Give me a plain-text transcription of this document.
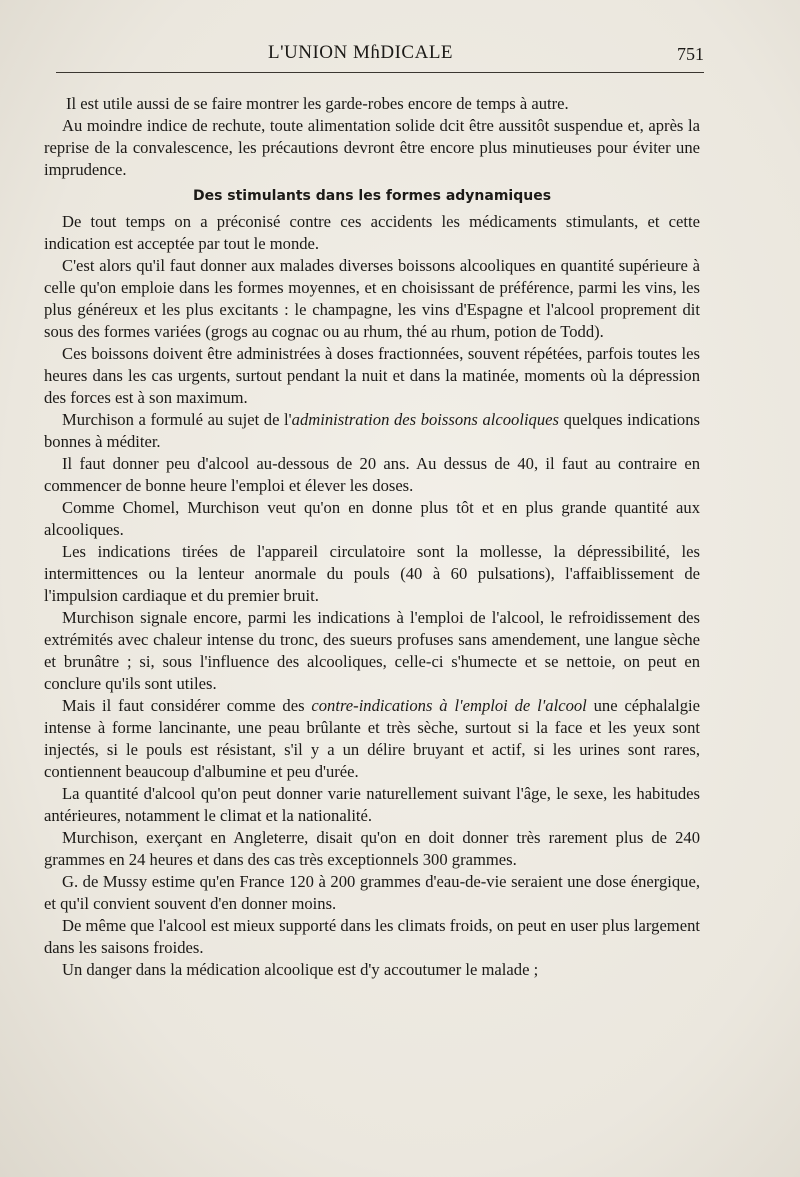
L'UNION MɦDICALE	751

Il est utile aussi de se faire montrer les garde-robes encore de temps à autre.

Au moindre indice de rechute, toute alimentation solide dcit être aussitôt suspendue et, après la reprise de la convalescence, les précautions devront être encore plus minutieuses pour éviter une imprudence.

Des stimulants dans les formes adynamiques

De tout temps on a préconisé contre ces accidents les médicaments stimulants, et cette indication est acceptée par tout le monde.

C'est alors qu'il faut donner aux malades diverses boissons alcooliques en quantité supérieure à celle qu'on emploie dans les formes moyennes, et en choisissant de préférence, parmi les vins, les plus généreux et les plus excitants : le champagne, les vins d'Espagne et l'alcool proprement dit sous des formes variées (grogs au cognac ou au rhum, thé au rhum, potion de Todd).

Ces boissons doivent être administrées à doses fractionnées, souvent répétées, parfois toutes les heures dans les cas urgents, surtout pendant la nuit et dans la matinée, moments où la dépression des forces est à son maximum.

Murchison a formulé au sujet de l'administration des boissons alcooliques quelques indications bonnes à méditer.

Il faut donner peu d'alcool au-dessous de 20 ans. Au dessus de 40, il faut au contraire en commencer de bonne heure l'emploi et élever les doses.

Comme Chomel, Murchison veut qu'on en donne plus tôt et en plus grande quantité aux alcooliques.

Les indications tirées de l'appareil circulatoire sont la mollesse, la dépressibilité, les intermittences ou la lenteur anormale du pouls (40 à 60 pulsations), l'affaiblissement de l'impulsion cardiaque et du premier bruit.

Murchison signale encore, parmi les indications à l'emploi de l'alcool, le refroidissement des extrémités avec chaleur intense du tronc, des sueurs profuses sans amendement, une langue sèche et brunâtre ; si, sous l'influence des alcooliques, celle-ci s'humecte et se nettoie, on peut en conclure qu'ils sont utiles.

Mais il faut considérer comme des contre-indications à l'emploi de l'alcool une céphalalgie intense à forme lancinante, une peau brûlante et très sèche, surtout si la face et les yeux sont injectés, si le pouls est résistant, s'il y a un délire bruyant et actif, si les urines sont rares, contiennent beaucoup d'albumine et peu d'urée.

La quantité d'alcool qu'on peut donner varie naturellement suivant l'âge, le sexe, les habitudes antérieures, notamment le climat et la nationalité.

Murchison, exerçant en Angleterre, disait qu'on en doit donner très rarement plus de 240 grammes en 24 heures et dans des cas très exceptionnels 300 grammes.

G. de Mussy estime qu'en France 120 à 200 grammes d'eau-de-vie seraient une dose énergique, et qu'il convient souvent d'en donner moins.

De même que l'alcool est mieux supporté dans les climats froids, on peut en user plus largement dans les saisons froides.

Un danger dans la médication alcoolique est d'y accoutumer le malade ;
